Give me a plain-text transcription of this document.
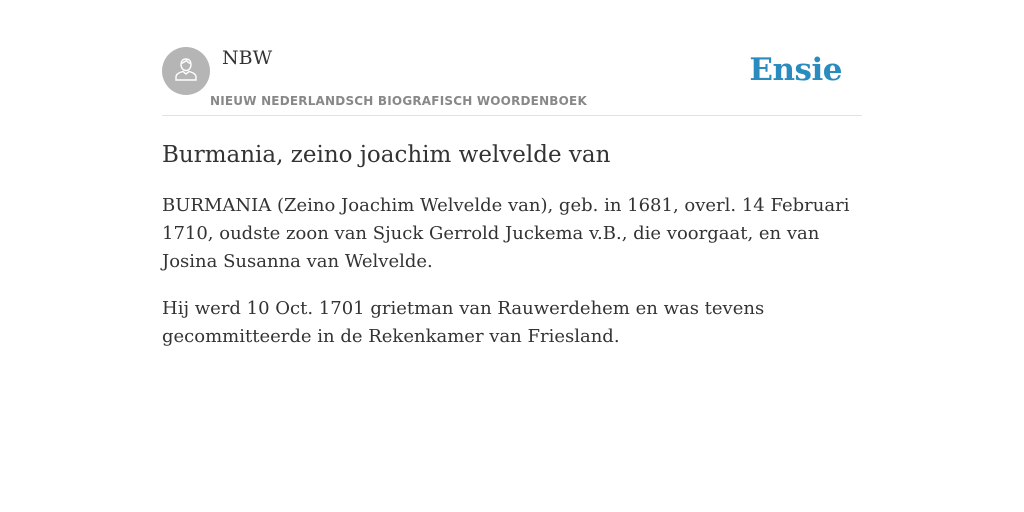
NBW
NIEUW NEDERLANDSCH BIOGRAFISCH WOORDENBOEK
Ensie
Burmania, zeino joachim welvelde van

BURMANIA (Zeino Joachim Welvelde van), geb. in 1681, overl. 14 Februari 1710, oudste zoon van Sjuck Gerrold Juckema v.B., die voorgaat, en van Josina Susanna van Welvelde.

Hij werd 10 Oct. 1701 grietman van Rauwerdehem en was tevens gecommitteerde in de Rekenkamer van Friesland.
